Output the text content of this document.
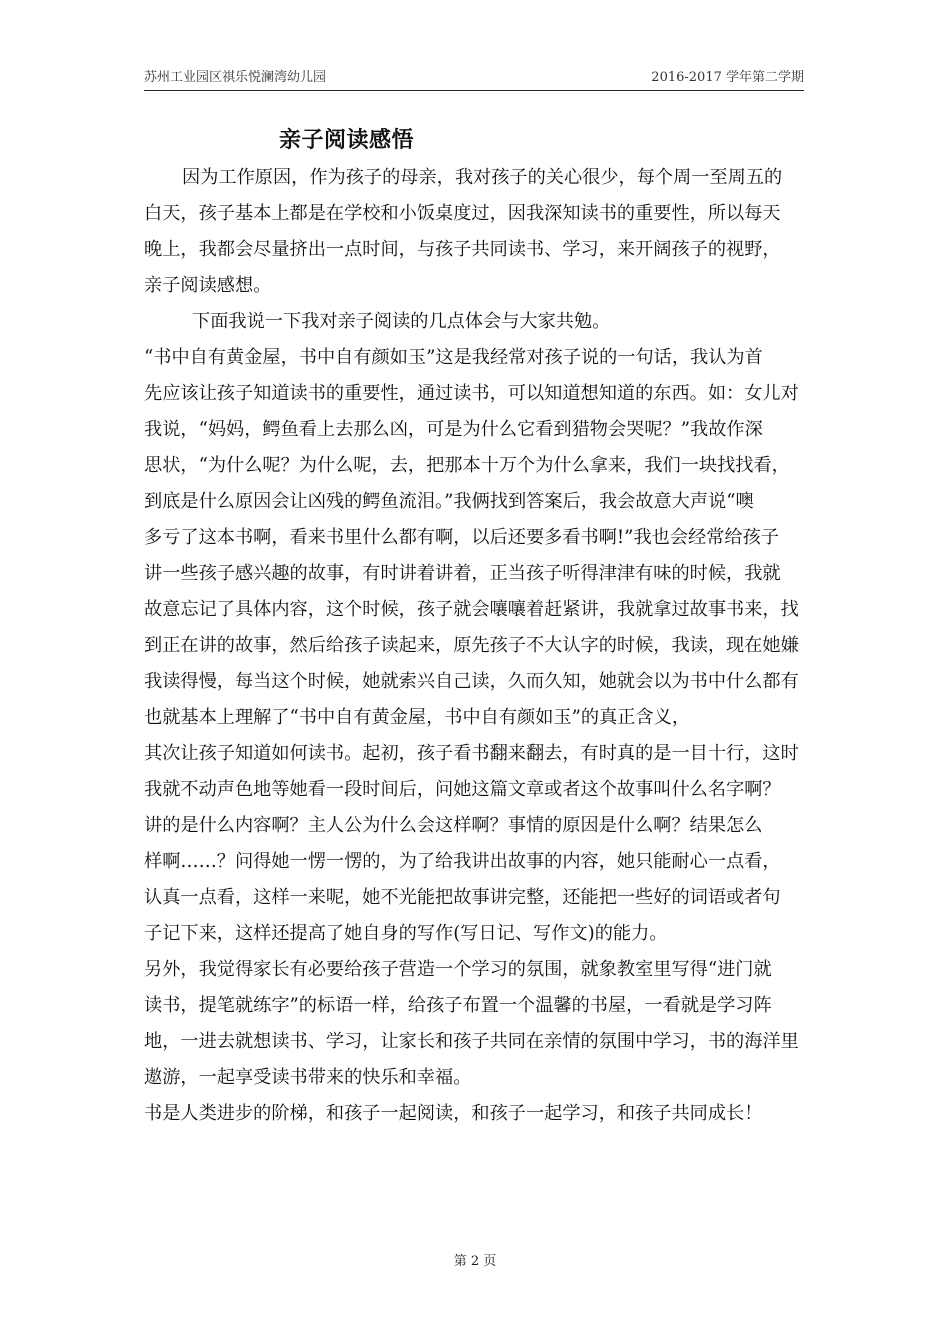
苏州工业园区祺乐悦澜湾幼儿园	2016-2017 学年第二学期
亲子阅读感悟

因为工作原因，作为孩子的母亲，我对孩子的关心很少，每个周一至周五的
白天，孩子基本上都是在学校和小饭桌度过，因我深知读书的重要性，所以每天
晚上，我都会尽量挤出一点时间，与孩子共同读书、学习，来开阔孩子的视野，
亲子阅读感想。

下面我说一下我对亲子阅读的几点体会与大家共勉。

“书中自有黄金屋，书中自有颜如玉”这是我经常对孩子说的一句话，我认为首
先应该让孩子知道读书的重要性，通过读书，可以知道想知道的东西。如：女儿对
我说，“妈妈，鳄鱼看上去那么凶，可是为什么它看到猎物会哭呢？”我故作深
思状，“为什么呢？为什么呢，去，把那本十万个为什么拿来，我们一块找找看，
到底是什么原因会让凶残的鳄鱼流泪。”我俩找到答案后，我会故意大声说“噢
多亏了这本书啊，看来书里什么都有啊，以后还要多看书啊!”我也会经常给孩子
讲一些孩子感兴趣的故事，有时讲着讲着，正当孩子听得津津有味的时候，我就
故意忘记了具体内容，这个时候，孩子就会嚷嚷着赶紧讲，我就拿过故事书来，找
到正在讲的故事，然后给孩子读起来，原先孩子不大认字的时候，我读，现在她嫌
我读得慢，每当这个时候，她就索兴自己读，久而久知，她就会以为书中什么都有
也就基本上理解了“书中自有黄金屋，书中自有颜如玉”的真正含义，

其次让孩子知道如何读书。起初，孩子看书翻来翻去，有时真的是一目十行，这时
我就不动声色地等她看一段时间后，问她这篇文章或者这个故事叫什么名字啊？
讲的是什么内容啊？主人公为什么会这样啊？事情的原因是什么啊？结果怎么
样啊……？问得她一愣一愣的，为了给我讲出故事的内容，她只能耐心一点看，
认真一点看，这样一来呢，她不光能把故事讲完整，还能把一些好的词语或者句
子记下来，这样还提高了她自身的写作(写日记、写作文)的能力。

另外，我觉得家长有必要给孩子营造一个学习的氛围，就象教室里写得“进门就
读书，提笔就练字”的标语一样，给孩子布置一个温馨的书屋，一看就是学习阵
地，一进去就想读书、学习，让家长和孩子共同在亲情的氛围中学习，书的海洋里
遨游，一起享受读书带来的快乐和幸福。

书是人类进步的阶梯，和孩子一起阅读，和孩子一起学习，和孩子共同成长！

第 2 页
